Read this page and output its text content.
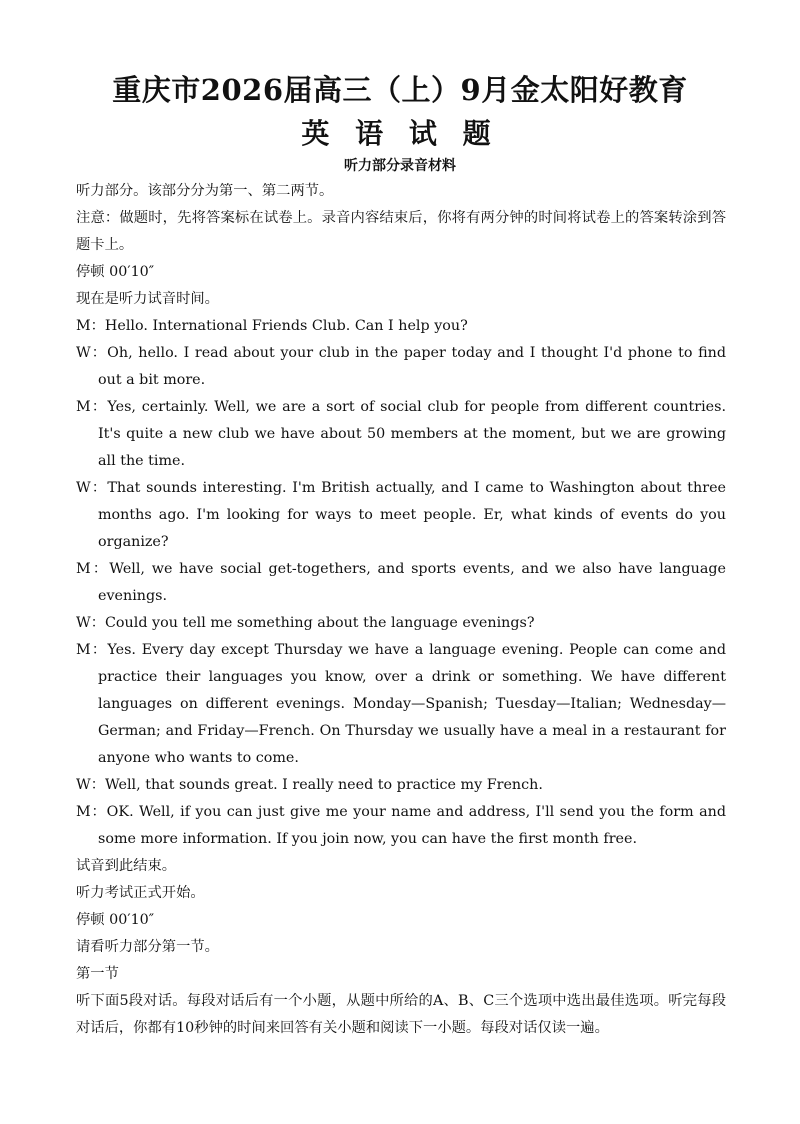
重庆市2026届高三（上）9月金太阳好教育
英 语 试 题
听力部分录音材料

听力部分。该部分分为第一、第二两节。

注意：做题时，先将答案标在试卷上。录音内容结束后，你将有两分钟的时间将试卷上的答案转涂到答题卡上。

停顿 00′10″

现在是听力试音时间。

M：Hello. International Friends Club. Can I help you?

W：Oh, hello. I read about your club in the paper today and I thought I'd phone to find out a bit more.

M：Yes, certainly. Well, we are a sort of social club for people from different countries. It's quite a new club we have about 50 members at the moment, but we are growing all the time.

W：That sounds interesting. I'm British actually, and I came to Washington about three months ago. I'm looking for ways to meet people. Er, what kinds of events do you organize?

M：Well, we have social get-togethers, and sports events, and we also have language evenings.

W：Could you tell me something about the language evenings?

M：Yes. Every day except Thursday we have a language evening. People can come and practice their languages you know, over a drink or something. We have different languages on different evenings. Monday—Spanish; Tuesday—Italian; Wednesday—German; and Friday—French. On Thursday we usually have a meal in a restaurant for anyone who wants to come.

W：Well, that sounds great. I really need to practice my French.

M：OK. Well, if you can just give me your name and address, I'll send you the form and some more information. If you join now, you can have the first month free.

试音到此结束。

听力考试正式开始。

停顿 00′10″

请看听力部分第一节。

第一节

听下面5段对话。每段对话后有一个小题，从题中所给的A、B、C三个选项中选出最佳选项。听完每段对话后，你都有10秒钟的时间来回答有关小题和阅读下一小题。每段对话仅读一遍。
